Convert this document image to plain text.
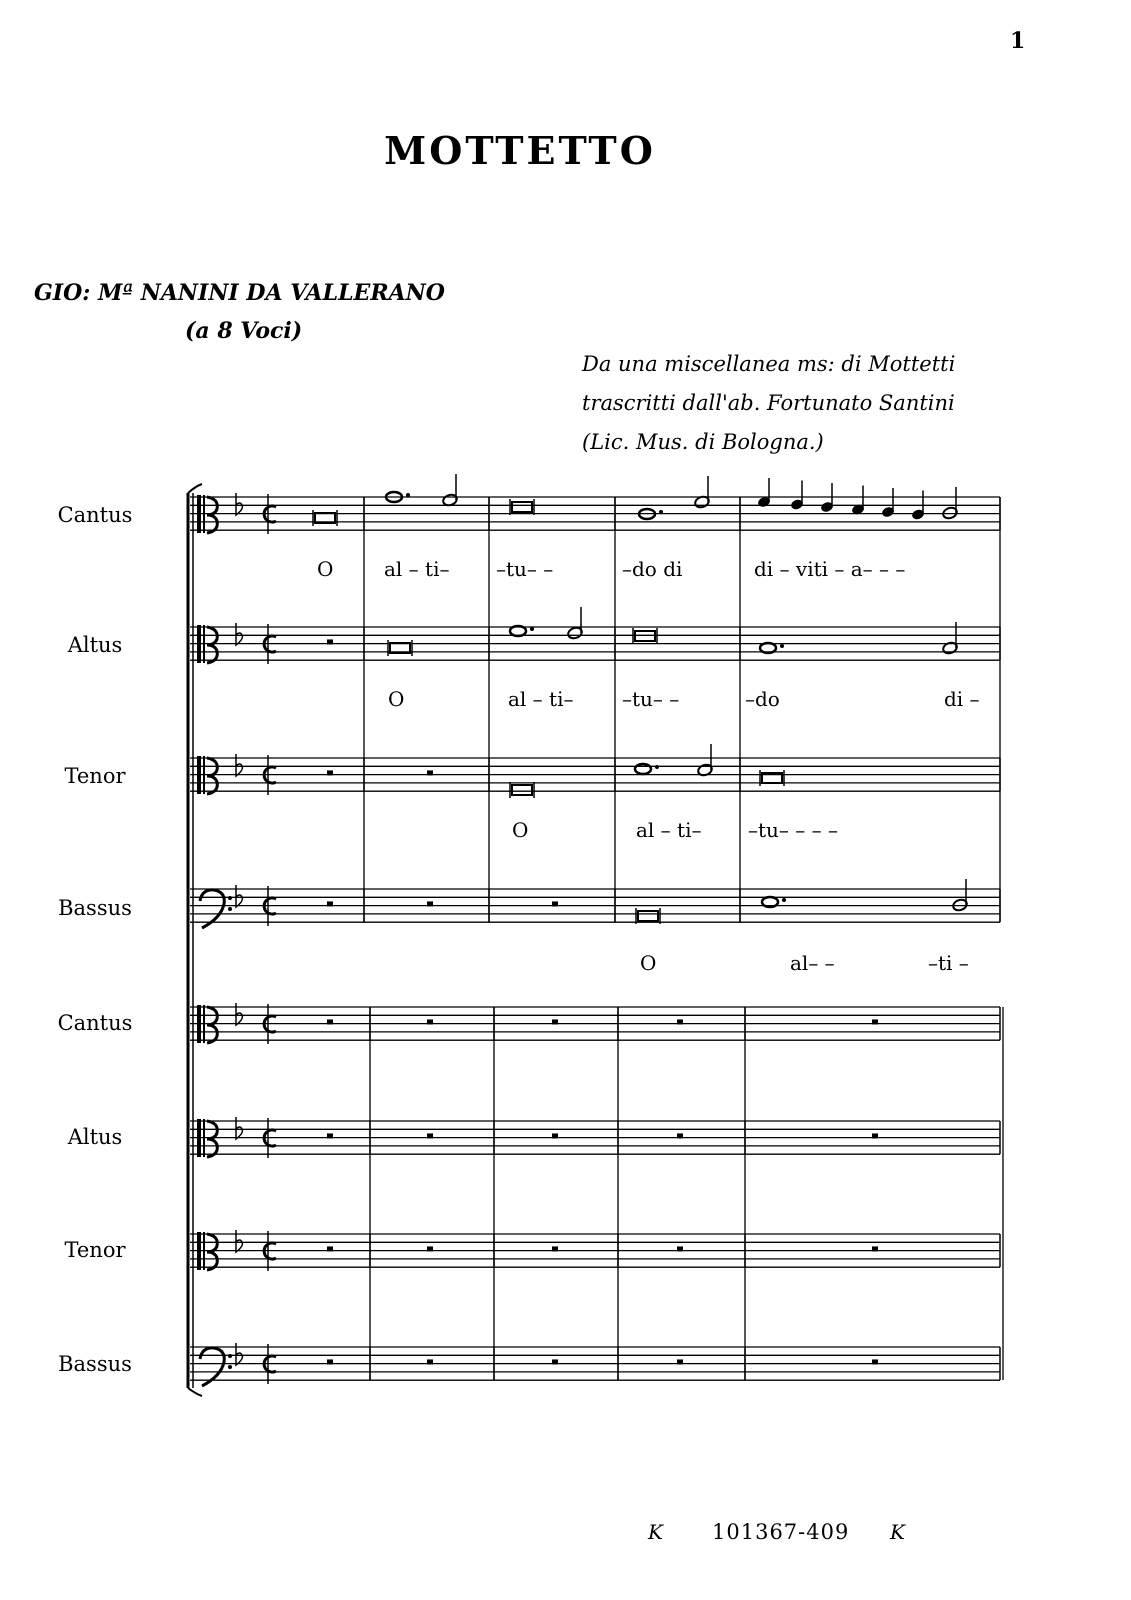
1
MOTTETTO
GIO: Mª NANINI DA VALLERANO
(a 8 Voci)
Da una miscellanea ms: di Mottetti
trascritti dall'ab. Fortunato Santini
(Lic. Mus. di Bologna.)
Cantus
Altus
Tenor
Bassus
Cantus
Altus
Tenor
Bassus
O	al – ti– –tu– –	–do di	di – viti – a– – –
O	al – ti– –tu– –	–do	di –
O	al – ti– –tu– – – –
O	al– –	–ti –
K 101367-409 K
